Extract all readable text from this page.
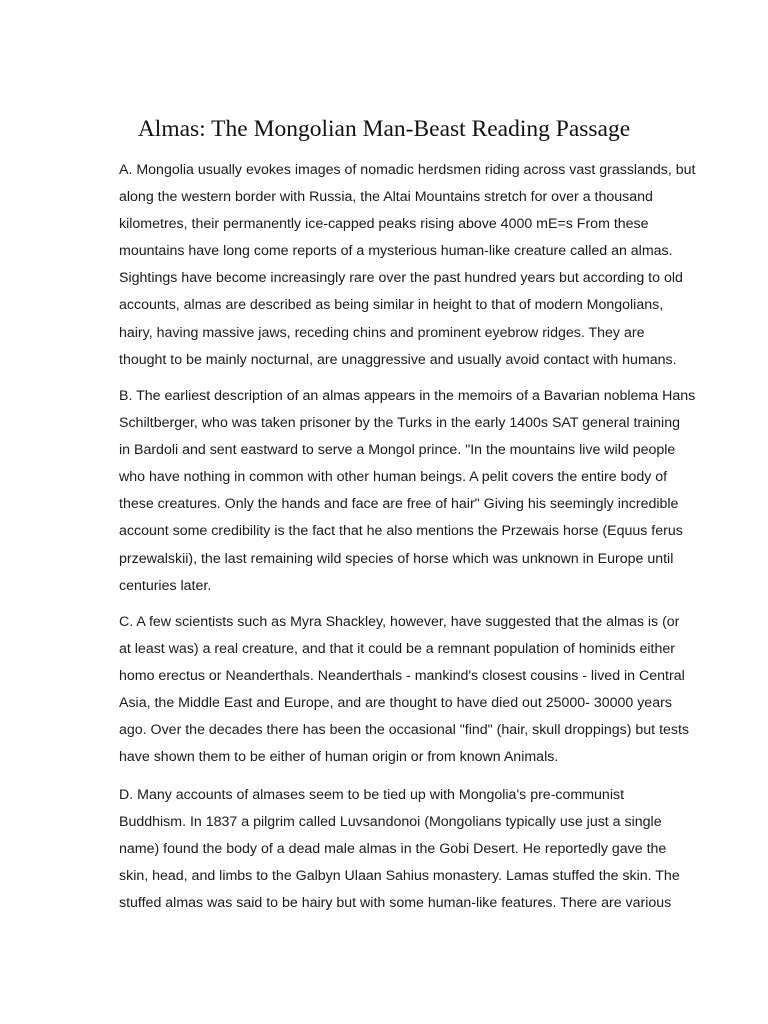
Almas: The Mongolian Man-Beast Reading Passage
A. Mongolia usually evokes images of nomadic herdsmen riding across vast grasslands, but
along the western border with Russia, the Altai Mountains stretch for over a thousand
kilometres, their permanently ice-capped peaks rising above 4000 mE=s From these
mountains have long come reports of a mysterious human-like creature called an almas.
Sightings have become increasingly rare over the past hundred years but according to old
accounts, almas are described as being similar in height to that of modern Mongolians,
hairy, having massive jaws, receding chins and prominent eyebrow ridges. They are
thought to be mainly nocturnal, are unaggressive and usually avoid contact with humans.
B. The earliest description of an almas appears in the memoirs of a Bavarian noblema Hans
Schiltberger, who was taken prisoner by the Turks in the early 1400s SAT general training
in Bardoli and sent eastward to serve a Mongol prince. "In the mountains live wild people
who have nothing in common with other human beings. A pelit covers the entire body of
these creatures. Only the hands and face are free of hair" Giving his seemingly incredible
account some credibility is the fact that he also mentions the Przewais horse (Equus ferus
przewalskii), the last remaining wild species of horse which was unknown in Europe until
centuries later.
C. A few scientists such as Myra Shackley, however, have suggested that the almas is (or
at least was) a real creature, and that it could be a remnant population of hominids either
homo erectus or Neanderthals. Neanderthals - mankind's closest cousins - lived in Central
Asia, the Middle East and Europe, and are thought to have died out 25000- 30000 years
ago. Over the decades there has been the occasional "find" (hair, skull droppings) but tests
have shown them to be either of human origin or from known Animals.
D. Many accounts of almases seem to be tied up with Mongolia's pre-communist
Buddhism. In 1837 a pilgrim called Luvsandonoi (Mongolians typically use just a single
name) found the body of a dead male almas in the Gobi Desert. He reportedly gave the
skin, head, and limbs to the Galbyn Ulaan Sahius monastery. Lamas stuffed the skin. The
stuffed almas was said to be hairy but with some human-like features. There are various
